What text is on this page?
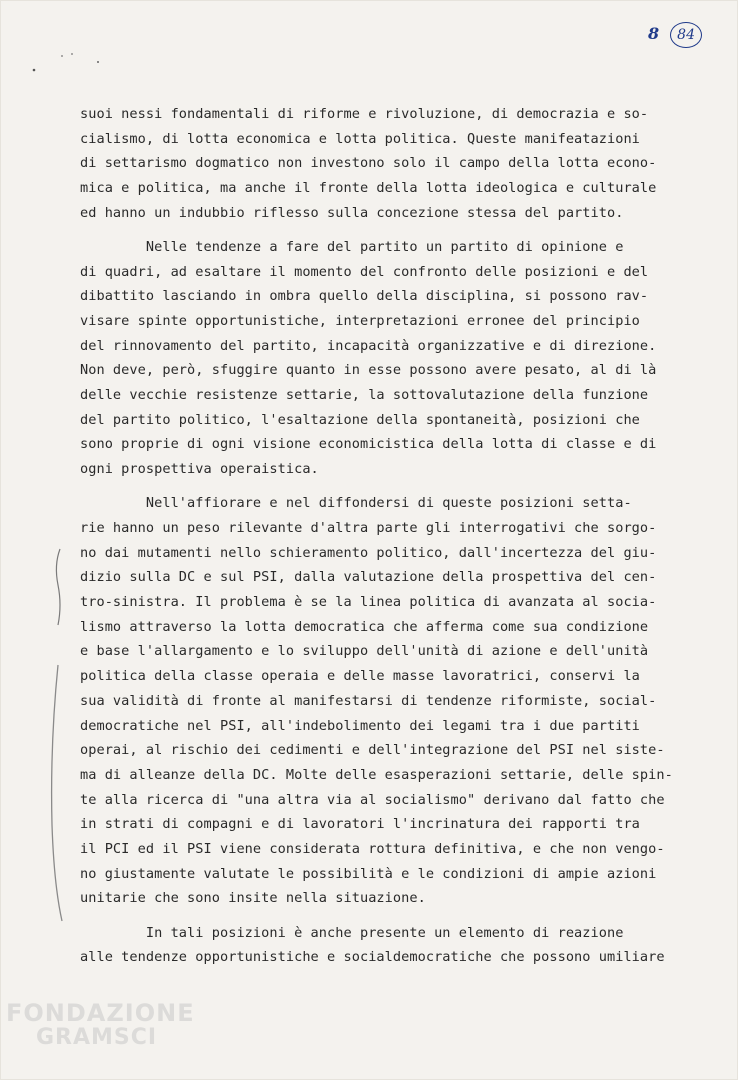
8 84
suoi nessi fondamentali di riforme e rivoluzione, di democrazia e so-
cialismo, di lotta economica e lotta politica. Queste manifeatazioni
di settarismo dogmatico non investono solo il campo della lotta econo-
mica e politica, ma anche il fronte della lotta ideologica e culturale
ed hanno un indubbio riflesso sulla concezione stessa del partito.
Nelle tendenze a fare del partito un partito di opinione e
di quadri, ad esaltare il momento del confronto delle posizioni e del
dibattito lasciando in ombra quello della disciplina, si possono rav-
visare spinte opportunistiche, interpretazioni erronee del principio
del rinnovamento del partito, incapacità organizzative e di direzione.
Non deve, però, sfuggire quanto in esse possono avere pesato, al di là
delle vecchie resistenze settarie, la sottovalutazione della funzione
del partito politico, l'esaltazione della spontaneità, posizioni che
sono proprie di ogni visione economicistica della lotta di classe e di
ogni prospettiva operaistica.
Nell'affiorare e nel diffondersi di queste posizioni setta-
rie hanno un peso rilevante d'altra parte gli interrogativi che sorgo-
no dai mutamenti nello schieramento politico, dall'incertezza del giu-
dizio sulla DC e sul PSI, dalla valutazione della prospettiva del cen-
tro-sinistra. Il problema è se la linea politica di avanzata al socia-
lismo attraverso la lotta democratica che afferma come sua condizione
e base l'allargamento e lo sviluppo dell'unità di azione e dell'unità
politica della classe operaia e delle masse lavoratrici, conservi la
sua validità di fronte al manifestarsi di tendenze riformiste, social-
democratiche nel PSI, all'indebolimento dei legami tra i due partiti
operai, al rischio dei cedimenti e dell'integrazione del PSI nel siste-
ma di alleanze della DC. Molte delle esasperazioni settarie, delle spin-
te alla ricerca di "una altra via al socialismo" derivano dal fatto che
in strati di compagni e di lavoratori l'incrinatura dei rapporti tra
il PCI ed il PSI viene considerata rottura definitiva, e che non vengo-
no giustamente valutate le possibilità e le condizioni di ampie azioni
unitarie che sono insite nella situazione.
In tali posizioni è anche presente un elemento di reazione
alle tendenze opportunistiche e socialdemocratiche che possono umiliare
FONDAZIONE
GRAMSCI
